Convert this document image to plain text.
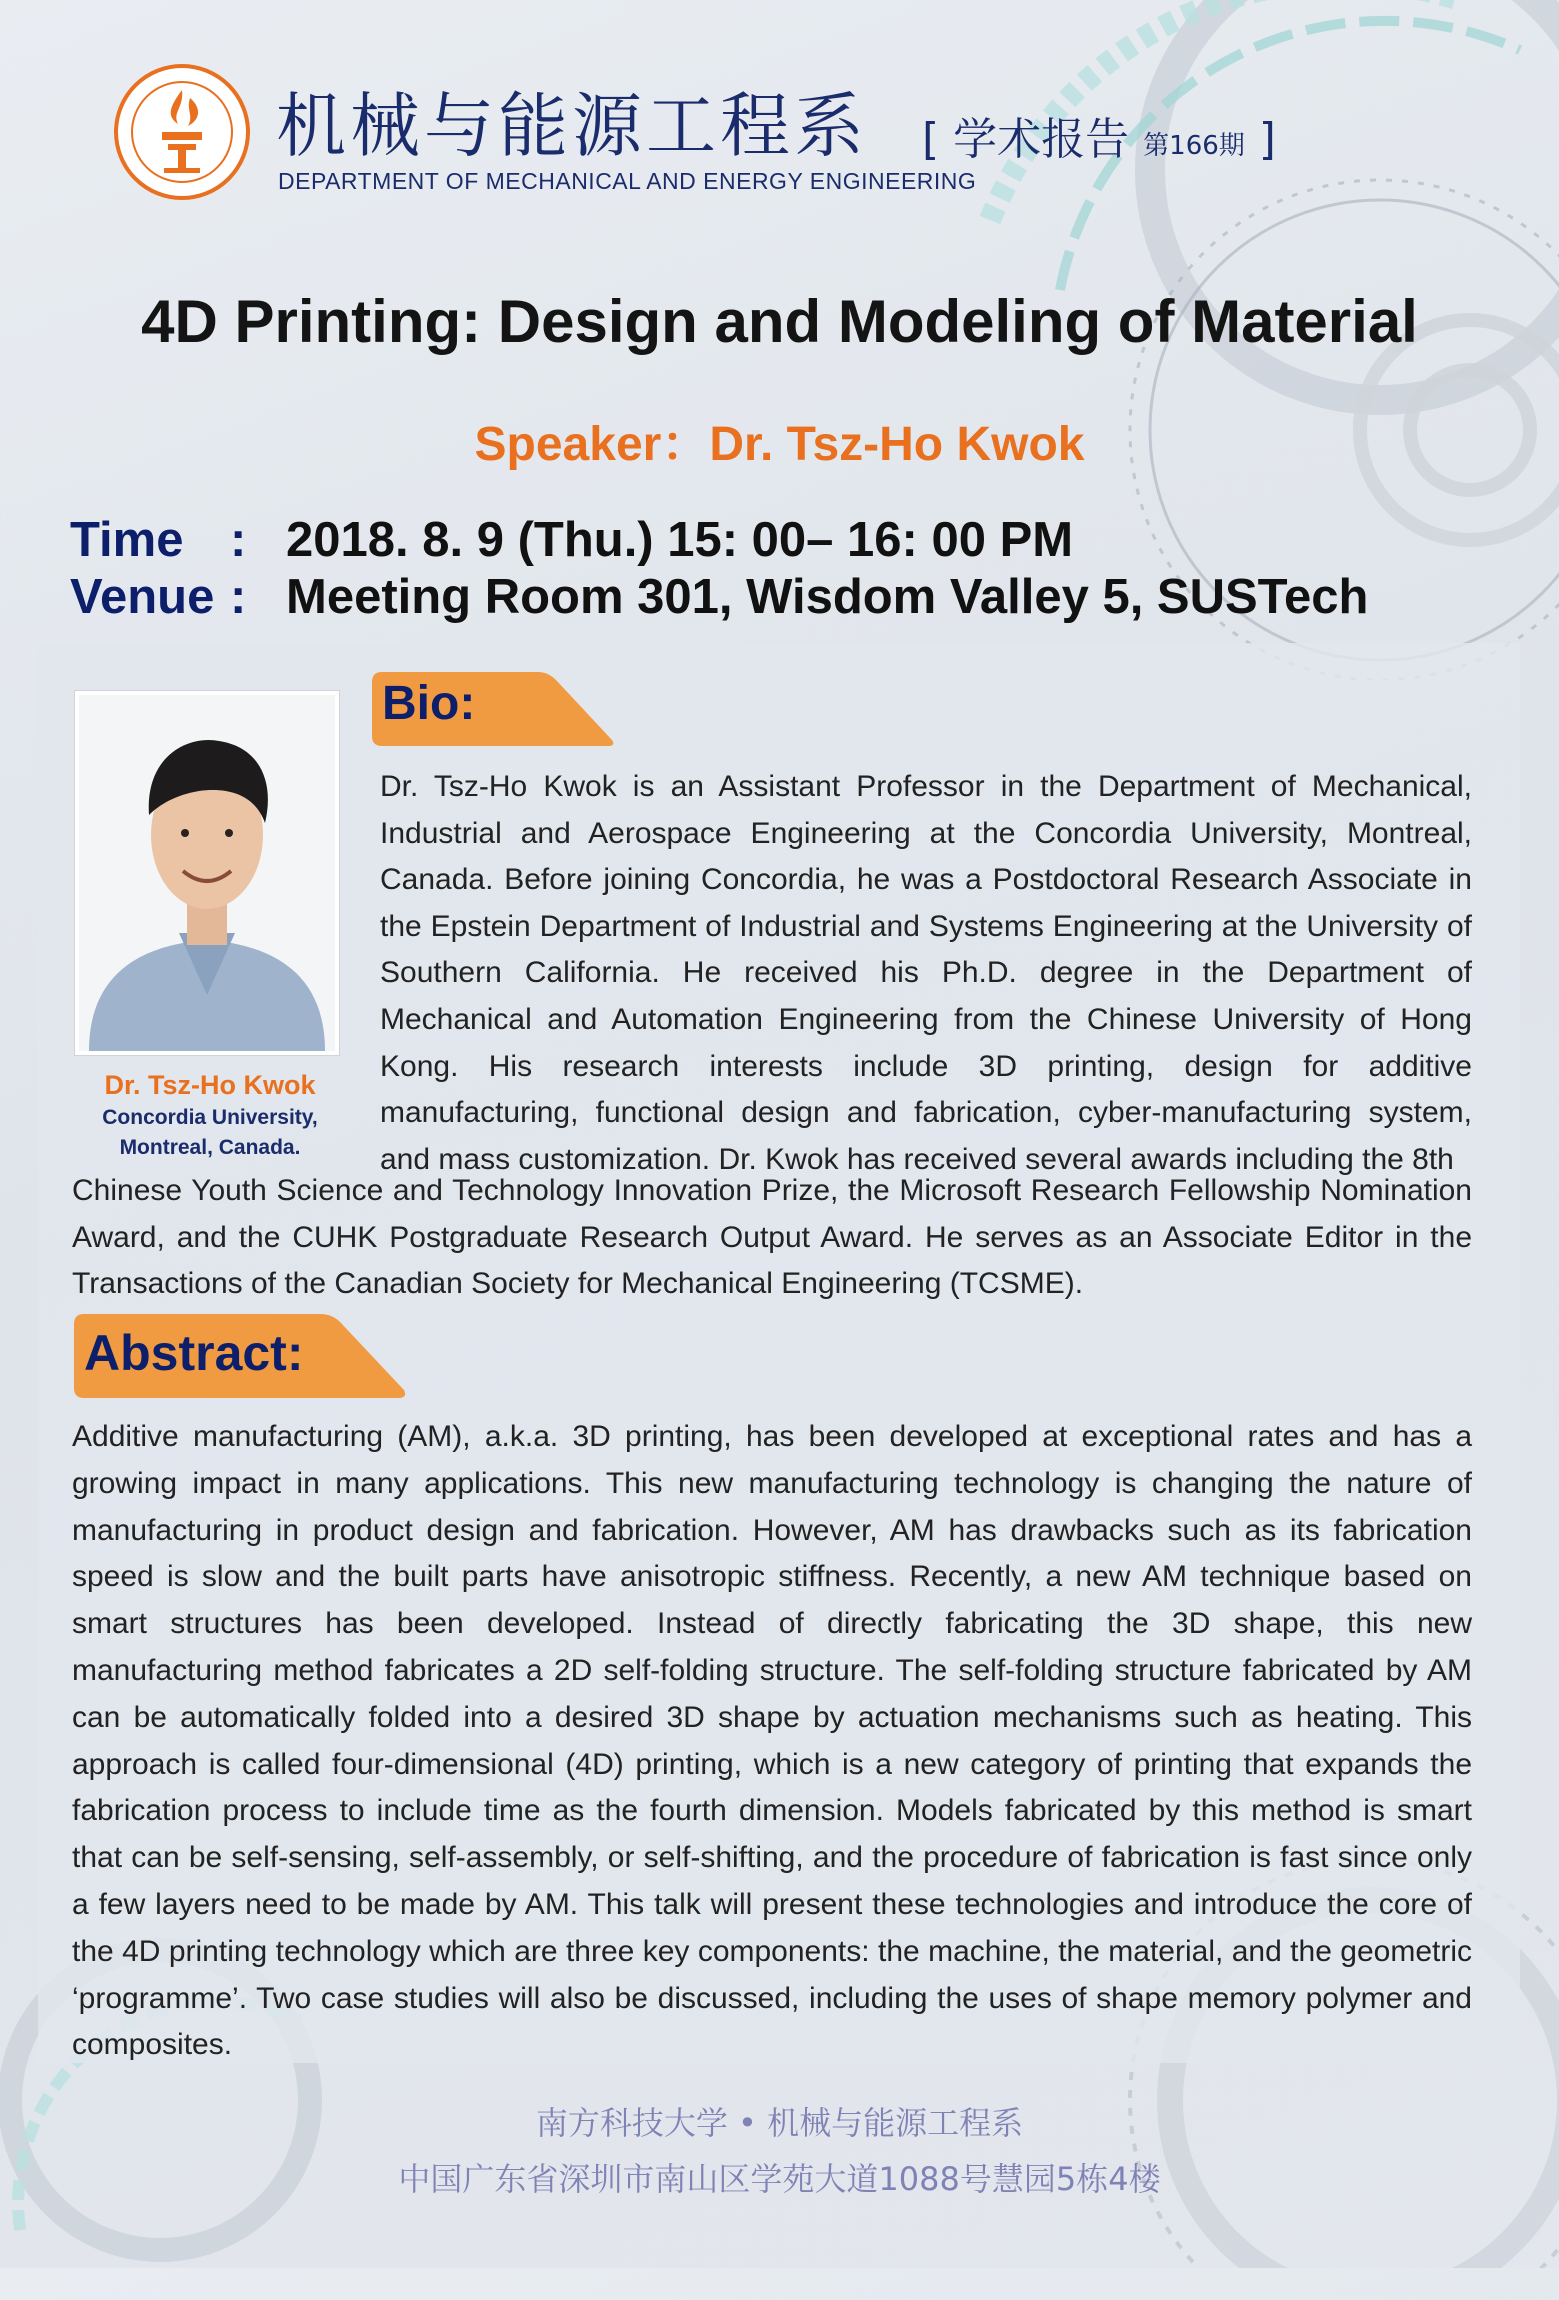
机械与能源工程系 [ 学术报告 第166期 ]
DEPARTMENT OF MECHANICAL AND ENERGY ENGINEERING
4D Printing: Design and Modeling of Material
Speaker：Dr. Tsz-Ho Kwok
Time : 2018. 8. 9 (Thu.) 15: 00– 16: 00 PM
Venue : Meeting Room 301, Wisdom Valley 5, SUSTech
Dr. Tsz-Ho Kwok
Concordia University,
Montreal, Canada.
Bio:
Dr. Tsz-Ho Kwok is an Assistant Professor in the Department of Mechanical, Industrial and Aerospace Engineering at the Concordia University, Montreal, Canada. Before joining Concordia, he was a Postdoctoral Research Associate in the Epstein Department of Industrial and Systems Engineering at the University of Southern California. He received his Ph.D. degree in the Department of Mechanical and Automation Engineering from the Chinese University of Hong Kong. His research interests include 3D printing, design for additive manufacturing, functional design and fabrication, cyber-manufacturing system, and mass customization. Dr. Kwok has received several awards including the 8th
Chinese Youth Science and Technology Innovation Prize, the Microsoft Research Fellowship Nomination Award, and the CUHK Postgraduate Research Output Award. He serves as an Associate Editor in the Transactions of the Canadian Society for Mechanical Engineering (TCSME).
Abstract:
Additive manufacturing (AM), a.k.a. 3D printing, has been developed at exceptional rates and has a growing impact in many applications. This new manufacturing technology is changing the nature of manufacturing in product design and fabrication. However, AM has drawbacks such as its fabrication speed is slow and the built parts have anisotropic stiffness. Recently, a new AM technique based on smart structures has been developed. Instead of directly fabricating the 3D shape, this new manufacturing method fabricates a 2D self-folding structure. The self-folding structure fabricated by AM can be automatically folded into a desired 3D shape by actuation mechanisms such as heating. This approach is called four-dimensional (4D) printing, which is a new category of printing that expands the fabrication process to include time as the fourth dimension. Models fabricated by this method is smart that can be self-sensing, self-assembly, or self-shifting, and the procedure of fabrication is fast since only a few layers need to be made by AM. This talk will present these technologies and introduce the core of the 4D printing technology which are three key components: the machine, the material, and the geometric ‘programme’. Two case studies will also be discussed, including the uses of shape memory polymer and composites.
南方科技大学 • 机械与能源工程系
中国广东省深圳市南山区学苑大道1088号慧园5栋4楼
